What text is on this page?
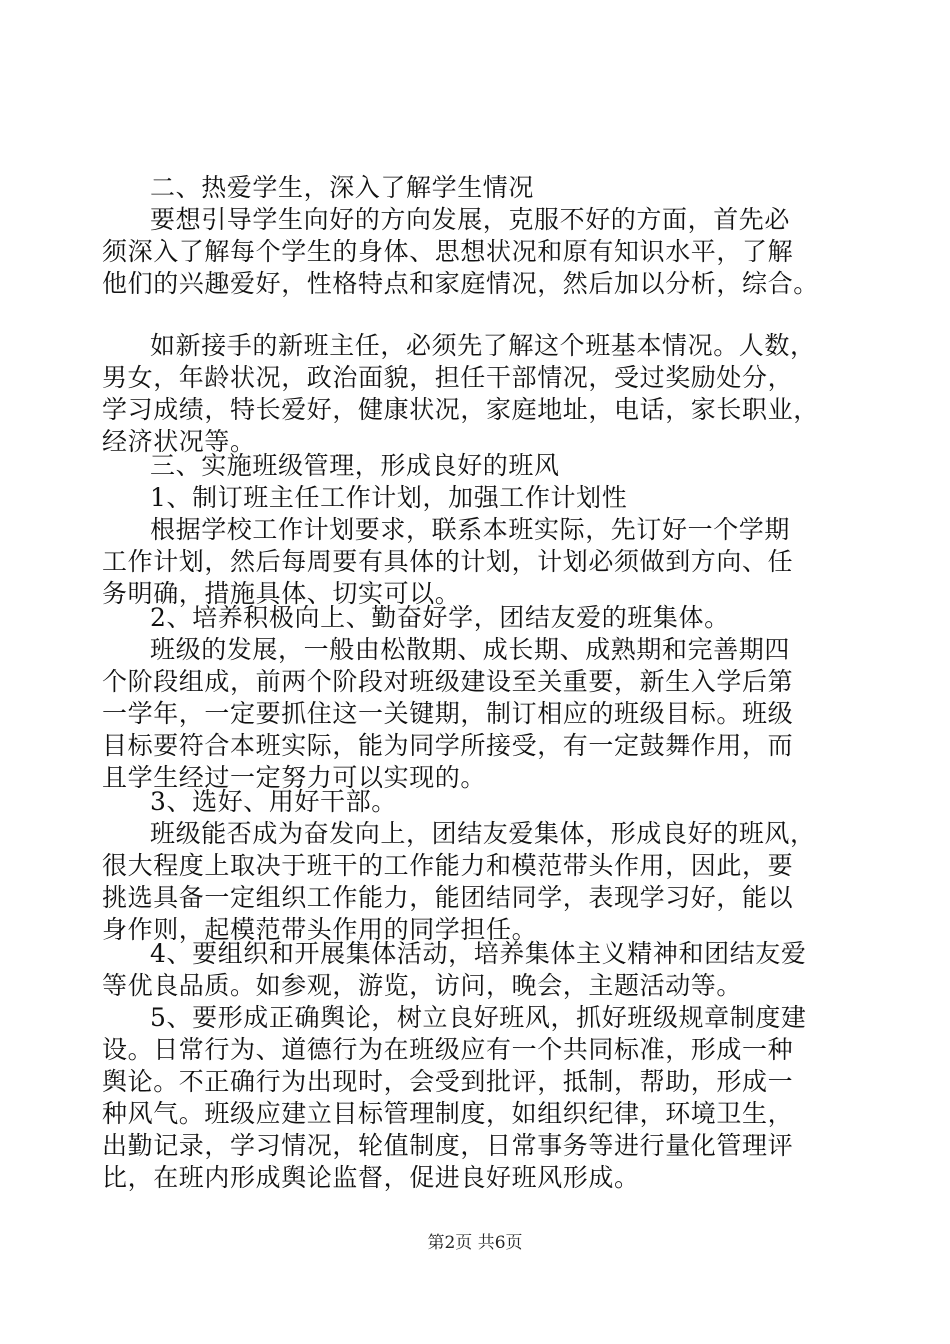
二、热爱学生，深入了解学生情况
要想引导学生向好的方向发展，克服不好的方面，首先必
须深入了解每个学生的身体、思想状况和原有知识水平，了解
他们的兴趣爱好，性格特点和家庭情况，然后加以分析，综合。
如新接手的新班主任，必须先了解这个班基本情况。人数，
男女，年龄状况，政治面貌，担任干部情况，受过奖励处分，
学习成绩，特长爱好，健康状况，家庭地址，电话，家长职业，
经济状况等。
三、实施班级管理，形成良好的班风
1、制订班主任工作计划，加强工作计划性
根据学校工作计划要求，联系本班实际，先订好一个学期
工作计划，然后每周要有具体的计划，计划必须做到方向、任
务明确，措施具体、切实可以。
2、培养积极向上、勤奋好学，团结友爱的班集体。
班级的发展，一般由松散期、成长期、成熟期和完善期四
个阶段组成，前两个阶段对班级建设至关重要，新生入学后第
一学年，一定要抓住这一关键期，制订相应的班级目标。班级
目标要符合本班实际，能为同学所接受，有一定鼓舞作用，而
且学生经过一定努力可以实现的。
3、选好、用好干部。
班级能否成为奋发向上，团结友爱集体，形成良好的班风，
很大程度上取决于班干的工作能力和模范带头作用，因此，要
挑选具备一定组织工作能力，能团结同学，表现学习好，能以
身作则，起模范带头作用的同学担任。
4、要组织和开展集体活动，培养集体主义精神和团结友爱
等优良品质。如参观，游览，访问，晚会，主题活动等。
5、要形成正确舆论，树立良好班风，抓好班级规章制度建
设。日常行为、道德行为在班级应有一个共同标准，形成一种
舆论。不正确行为出现时，会受到批评，抵制，帮助，形成一
种风气。班级应建立目标管理制度，如组织纪律，环境卫生，
出勤记录，学习情况，轮值制度，日常事务等进行量化管理评
比，在班内形成舆论监督，促进良好班风形成。
第2页 共6页
